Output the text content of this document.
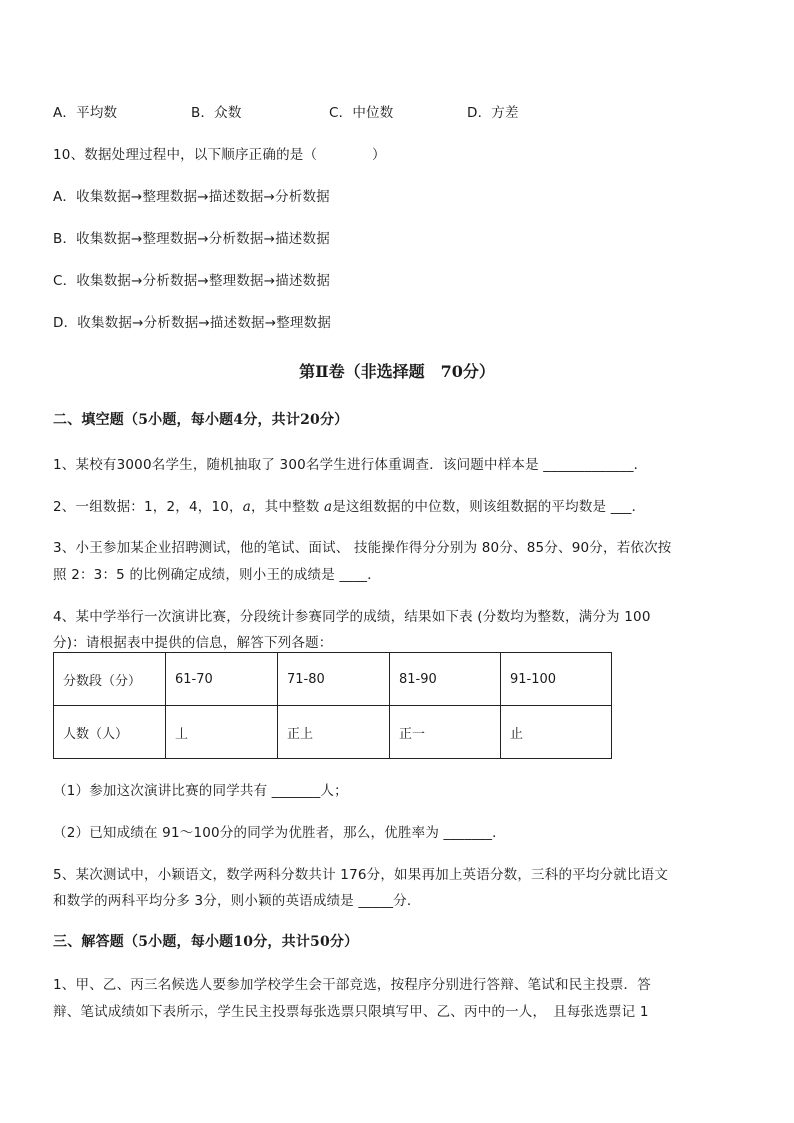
A．平均数	B．众数	C．中位数	D．方差
10、数据处理过程中，以下顺序正确的是（　　　　）
A．收集数据→整理数据→描述数据→分析数据
B．收集数据→整理数据→分析数据→描述数据
C．收集数据→分析数据→整理数据→描述数据
D．收集数据→分析数据→描述数据→整理数据
第Ⅱ卷（非选择题　70分）
二、填空题（5小题，每小题4分，共计20分）
1、某校有3000名学生，随机抽取了 300名学生进行体重调查．该问题中样本是 _____________．
2、一组数据：1，2，4，10，a，其中整数 a是这组数据的中位数，则该组数据的平均数是 ___．
3、小王参加某企业招聘测试，他的笔试、面试、 技能操作得分分别为 80分、85分、90分，若依次按
照 2：3：5 的比例确定成绩，则小王的成绩是 ____．
4、某中学举行一次演讲比赛，分段统计参赛同学的成绩，结果如下表 (分数均为整数，满分为 100
分)：请根据表中提供的信息，解答下列各题：
分数段（分）	61-70	71-80	81-90	91-100
人数（人）	丄	正上	正一	止
（1）参加这次演讲比赛的同学共有 _______人；
（2）已知成绩在 91～100分的同学为优胜者，那么，优胜率为 _______．
5、某次测试中，小颖语文，数学两科分数共计 176分，如果再加上英语分数，三科的平均分就比语文
和数学的两科平均分多 3分，则小颖的英语成绩是 _____分．
三、解答题（5小题，每小题10分，共计50分）
1、甲、乙、丙三名候选人要参加学校学生会干部竞选，按程序分别进行答辩、笔试和民主投票．答
辩、笔试成绩如下表所示，学生民主投票每张选票只限填写甲、乙、丙中的一人，　且每张选票记 1
